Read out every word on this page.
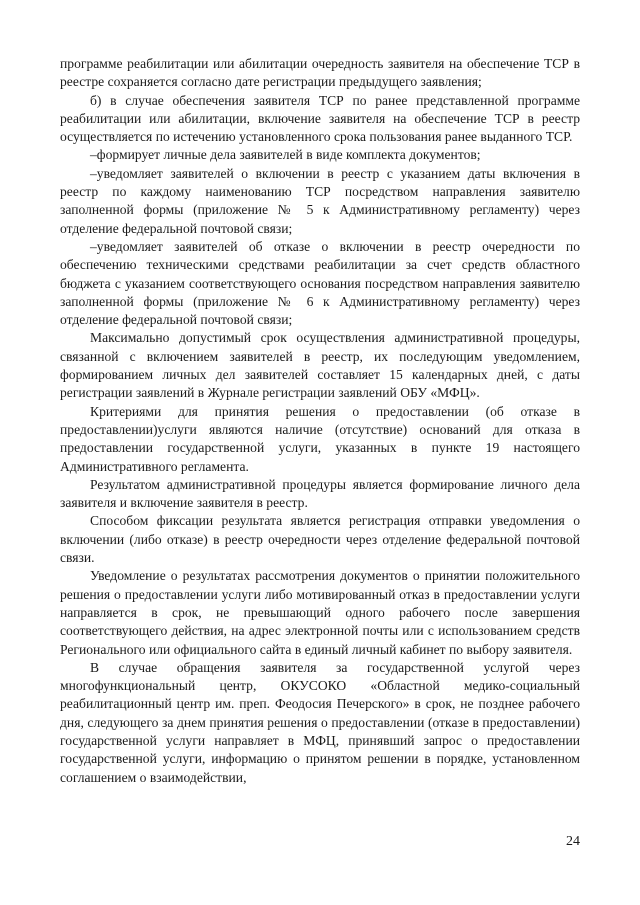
программе реабилитации или абилитации очередность заявителя на обеспечение ТСР в реестре сохраняется согласно дате регистрации предыдущего заявления;

б) в случае обеспечения заявителя ТСР по ранее представленной программе реабилитации или абилитации, включение заявителя на обеспечение ТСР в реестр осуществляется по истечению установленного срока пользования ранее выданного ТСР.

–формирует личные дела заявителей в виде комплекта документов;

–уведомляет заявителей о включении в реестр с указанием даты включения в реестр по каждому наименованию ТСР посредством направления заявителю заполненной формы (приложение № 5 к Административному регламенту) через отделение федеральной почтовой связи;

–уведомляет заявителей об отказе о включении в реестр очередности по обеспечению техническими средствами реабилитации за счет средств областного бюджета с указанием соответствующего основания посредством направления заявителю заполненной формы (приложение № 6 к Административному регламенту) через отделение федеральной почтовой связи;

Максимально допустимый срок осуществления административной процедуры, связанной с включением заявителей в реестр, их последующим уведомлением, формированием личных дел заявителей составляет 15 календарных дней, с даты регистрации заявлений в Журнале регистрации заявлений ОБУ «МФЦ».

Критериями для принятия решения о предоставлении (об отказе в предоставлении)услуги являются наличие (отсутствие) оснований для отказа в предоставлении государственной услуги, указанных в пункте 19 настоящего Административного регламента.

Результатом административной процедуры является формирование личного дела заявителя и включение заявителя в реестр.

Способом фиксации результата является регистрация отправки уведомления о включении (либо отказе) в реестр очередности через отделение федеральной почтовой связи.

Уведомление о результатах рассмотрения документов о принятии положительного решения о предоставлении услуги либо мотивированный отказ в предоставлении услуги направляется в срок, не превышающий одного рабочего после завершения соответствующего действия, на адрес электронной почты или с использованием средств Регионального или официального сайта в единый личный кабинет по выбору заявителя.

В случае обращения заявителя за государственной услугой через многофункциональный центр, ОКУСОКО «Областной медико-социальный реабилитационный центр им. преп. Феодосия Печерского» в срок, не позднее рабочего дня, следующего за днем принятия решения о предоставлении (отказе в предоставлении) государственной услуги направляет в МФЦ, принявший запрос о предоставлении государственной услуги, информацию о принятом решении в порядке, установленном соглашением о взаимодействии,

24
